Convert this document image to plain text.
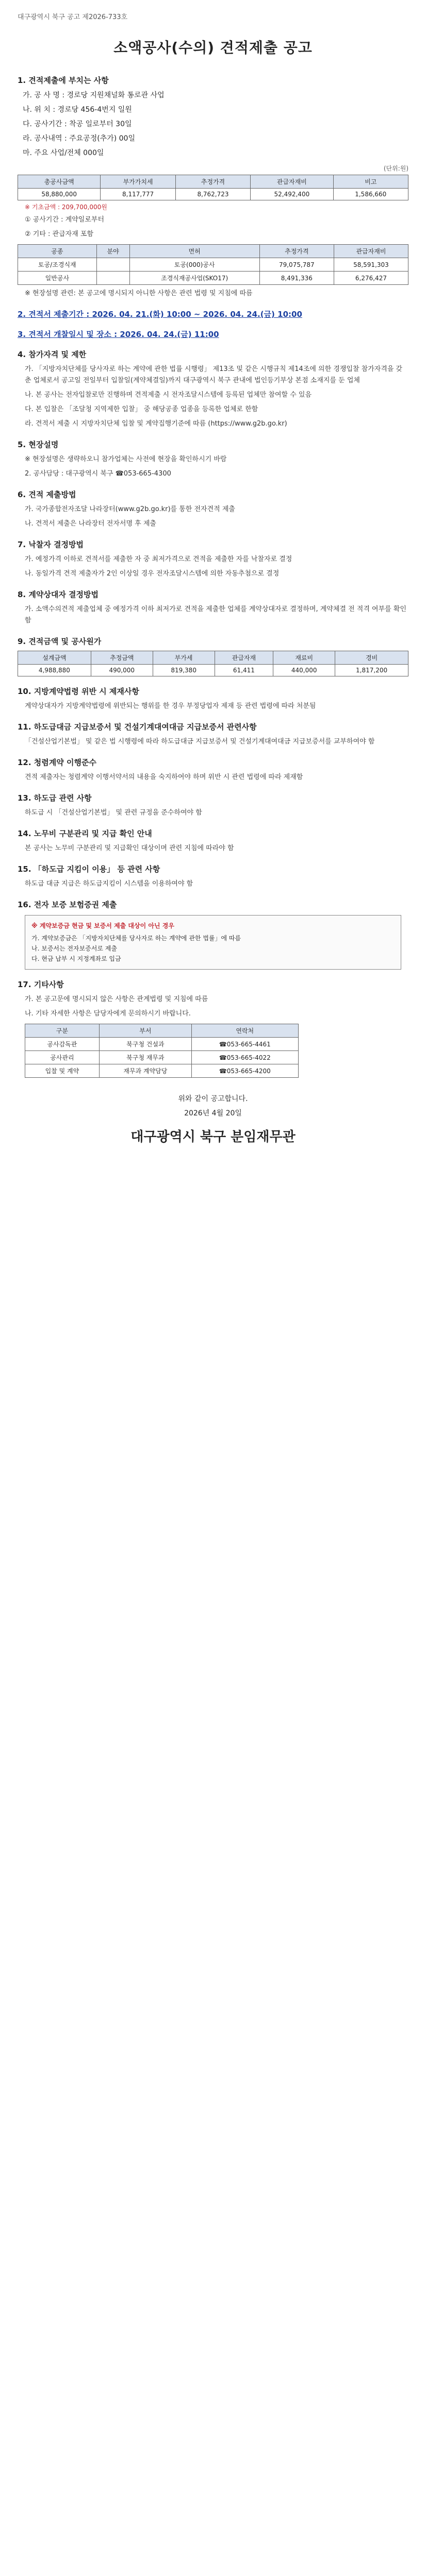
대구광역시 북구 공고 제2026-733호
소액공사(수의) 견적제출 공고
1. 견적제출에 부치는 사항
가. 공 사 명 : 경로당 지원채널화 통로관 사업
나. 위 치 : 경로당 456-4번지 일원
다. 공사기간 : 착공 일로부터 30일
라. 공사내역 : 주요공정(추가) 00일
마. 주요 사업/전체 000일
(단위:원)
총공사금액	부가가치세	추정가격	관급자재비	비고
58,880,000	8,117,777	8,762,723	52,492,400	1,586,660
※ 기초금액 : 209,700,000원
① 공사기간 : 계약일로부터
② 기타 : 관급자재 포함
공종	분야	면허	추정가격	관급자재비
토공/조경식재		토공(000)공사	79,075,787	58,591,303
일반공사		조경식재공사업(SKO17)	8,491,336	6,276,427
※ 현장설명 관련: 본 공고에 명시되지 아니한 사항은 관련 법령 및 지침에 따름
2. 견적서 제출기간 : 2026. 04. 21.(화) 10:00 ~ 2026. 04. 24.(금) 10:00
3. 견적서 개찰일시 및 장소 : 2026. 04. 24.(금) 11:00
4. 참가자격 및 제한
가. 「지방자치단체를 당사자로 하는 계약에 관한 법률 시행령」 제13조 및 같은 시행규칙 제14조에 의한 경쟁입찰 참가자격을 갖춘 업체로서 공고일 전일부터 입찰일(계약체결일)까지 대구광역시 북구 관내에 법인등기부상 본점 소재지를 둔 업체
나. 본 공사는 전자입찰로만 진행하며 견적제출 시 전자조달시스템에 등록된 업체만 참여할 수 있음
다. 본 입찰은 「조달청 지역제한 입찰」 중 해당공종 업종을 등록한 업체로 한함
라. 견적서 제출 시 지방자치단체 입찰 및 계약집행기준에 따름 (https://www.g2b.go.kr)
5. 현장설명
※ 현장설명은 생략하오니 참가업체는 사전에 현장을 확인하시기 바람
2. 공사담당 : 대구광역시 북구 ☎053-665-4300
6. 견적 제출방법
가. 국가종합전자조달 나라장터(www.g2b.go.kr)를 통한 전자견적 제출
나. 견적서 제출은 나라장터 전자서명 후 제출
7. 낙찰자 결정방법
가. 예정가격 이하로 견적서를 제출한 자 중 최저가격으로 견적을 제출한 자를 낙찰자로 결정
나. 동일가격 견적 제출자가 2인 이상일 경우 전자조달시스템에 의한 자동추첨으로 결정
8. 계약상대자 결정방법
가. 소액수의견적 제출업체 중 예정가격 이하 최저가로 견적을 제출한 업체를 계약상대자로 결정하며, 계약체결 전 적격 여부를 확인함
9. 견적금액 및 공사원가
설계금액	추정금액	부가세	관급자재	재료비	경비
4,988,880	490,000	819,380	61,411	440,000	1,817,200
10. 지방계약법령 위반 시 제재사항
계약상대자가 지방계약법령에 위반되는 행위를 한 경우 부정당업자 제재 등 관련 법령에 따라 처분됨
11. 하도급대금 지급보증서 및 건설기계대여대금 지급보증서 관련사항
「건설산업기본법」 및 같은 법 시행령에 따라 하도급대금 지급보증서 및 건설기계대여대금 지급보증서를 교부하여야 함
12. 청렴계약 이행준수
견적 제출자는 청렴계약 이행서약서의 내용을 숙지하여야 하며 위반 시 관련 법령에 따라 제재함
13. 하도급 관련 사항
하도급 시 「건설산업기본법」 및 관련 규정을 준수하여야 함
14. 노무비 구분관리 및 지급 확인 안내
본 공사는 노무비 구분관리 및 지급확인 대상이며 관련 지침에 따라야 함
15. 「하도급 지킴이 이용」 등 관련 사항
하도급 대금 지급은 하도급지킴이 시스템을 이용하여야 함
16. 전자 보증 보험증권 제출
※ 계약보증금 현금 및 보증서 제출 대상이 아닌 경우
가. 계약보증금은 「지방자치단체를 당사자로 하는 계약에 관한 법률」에 따름
나. 보증서는 전자보증서로 제출
다. 현금 납부 시 지정계좌로 입금
17. 기타사항
가. 본 공고문에 명시되지 않은 사항은 관계법령 및 지침에 따름
나. 기타 자세한 사항은 담당자에게 문의하시기 바랍니다.
구분	부서	연락처
공사감독관	북구청 건설과	☎053-665-4461
공사관리	북구청 재무과	☎053-665-4022
입찰 및 계약	재무과 계약담당	☎053-665-4200
위와 같이 공고합니다.
2026년 4월 20일
대구광역시 북구 분임재무관
